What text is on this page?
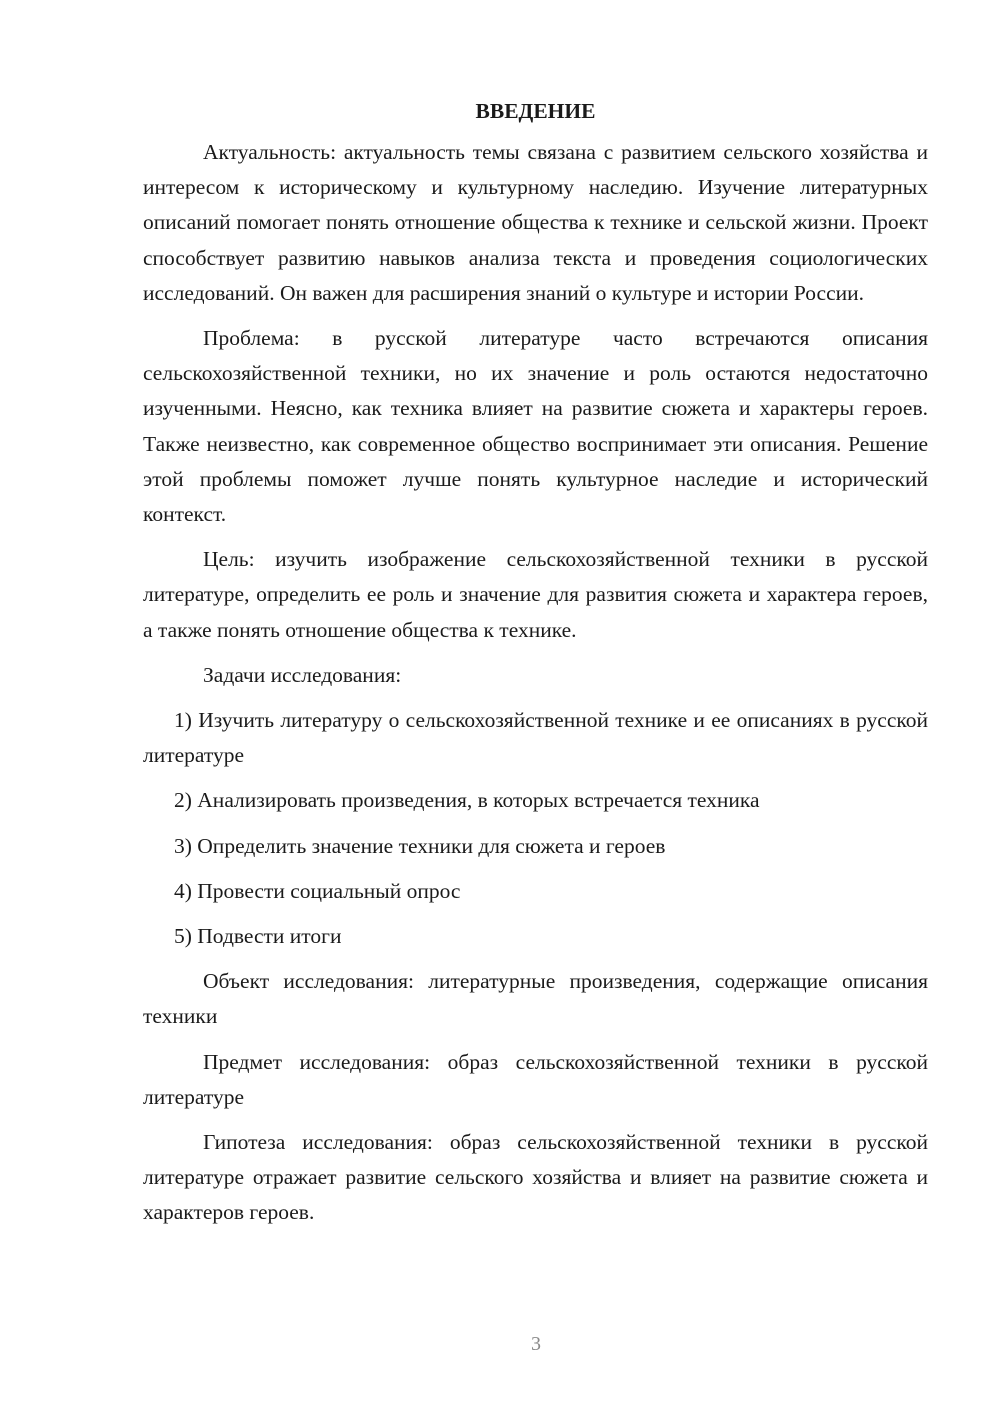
ВВЕДЕНИЕ

Актуальность: актуальность темы связана с развитием сельского хозяйства и интересом к историческому и культурному наследию. Изучение литературных описаний помогает понять отношение общества к технике и сельской жизни. Проект способствует развитию навыков анализа текста и проведения социологических исследований. Он важен для расширения знаний о культуре и истории России.

Проблема: в русской литературе часто встречаются описания сельскохозяйственной техники, но их значение и роль остаются недостаточно изученными. Неясно, как техника влияет на развитие сюжета и характеры героев. Также неизвестно, как современное общество воспринимает эти описания. Решение этой проблемы поможет лучше понять культурное наследие и исторический контекст.

Цель: изучить изображение сельскохозяйственной техники в русской литературе, определить ее роль и значение для развития сюжета и характера героев, а также понять отношение общества к технике.

Задачи исследования:

1) Изучить литературу о сельскохозяйственной технике и ее описаниях в русской литературе

2) Анализировать произведения, в которых встречается техника

3) Определить значение техники для сюжета и героев

4) Провести социальный опрос

5) Подвести итоги

Объект исследования: литературные произведения, содержащие описания техники

Предмет исследования: образ сельскохозяйственной техники в русской литературе

Гипотеза исследования: образ сельскохозяйственной техники в русской литературе отражает развитие сельского хозяйства и влияет на развитие сюжета и характеров героев.

3
